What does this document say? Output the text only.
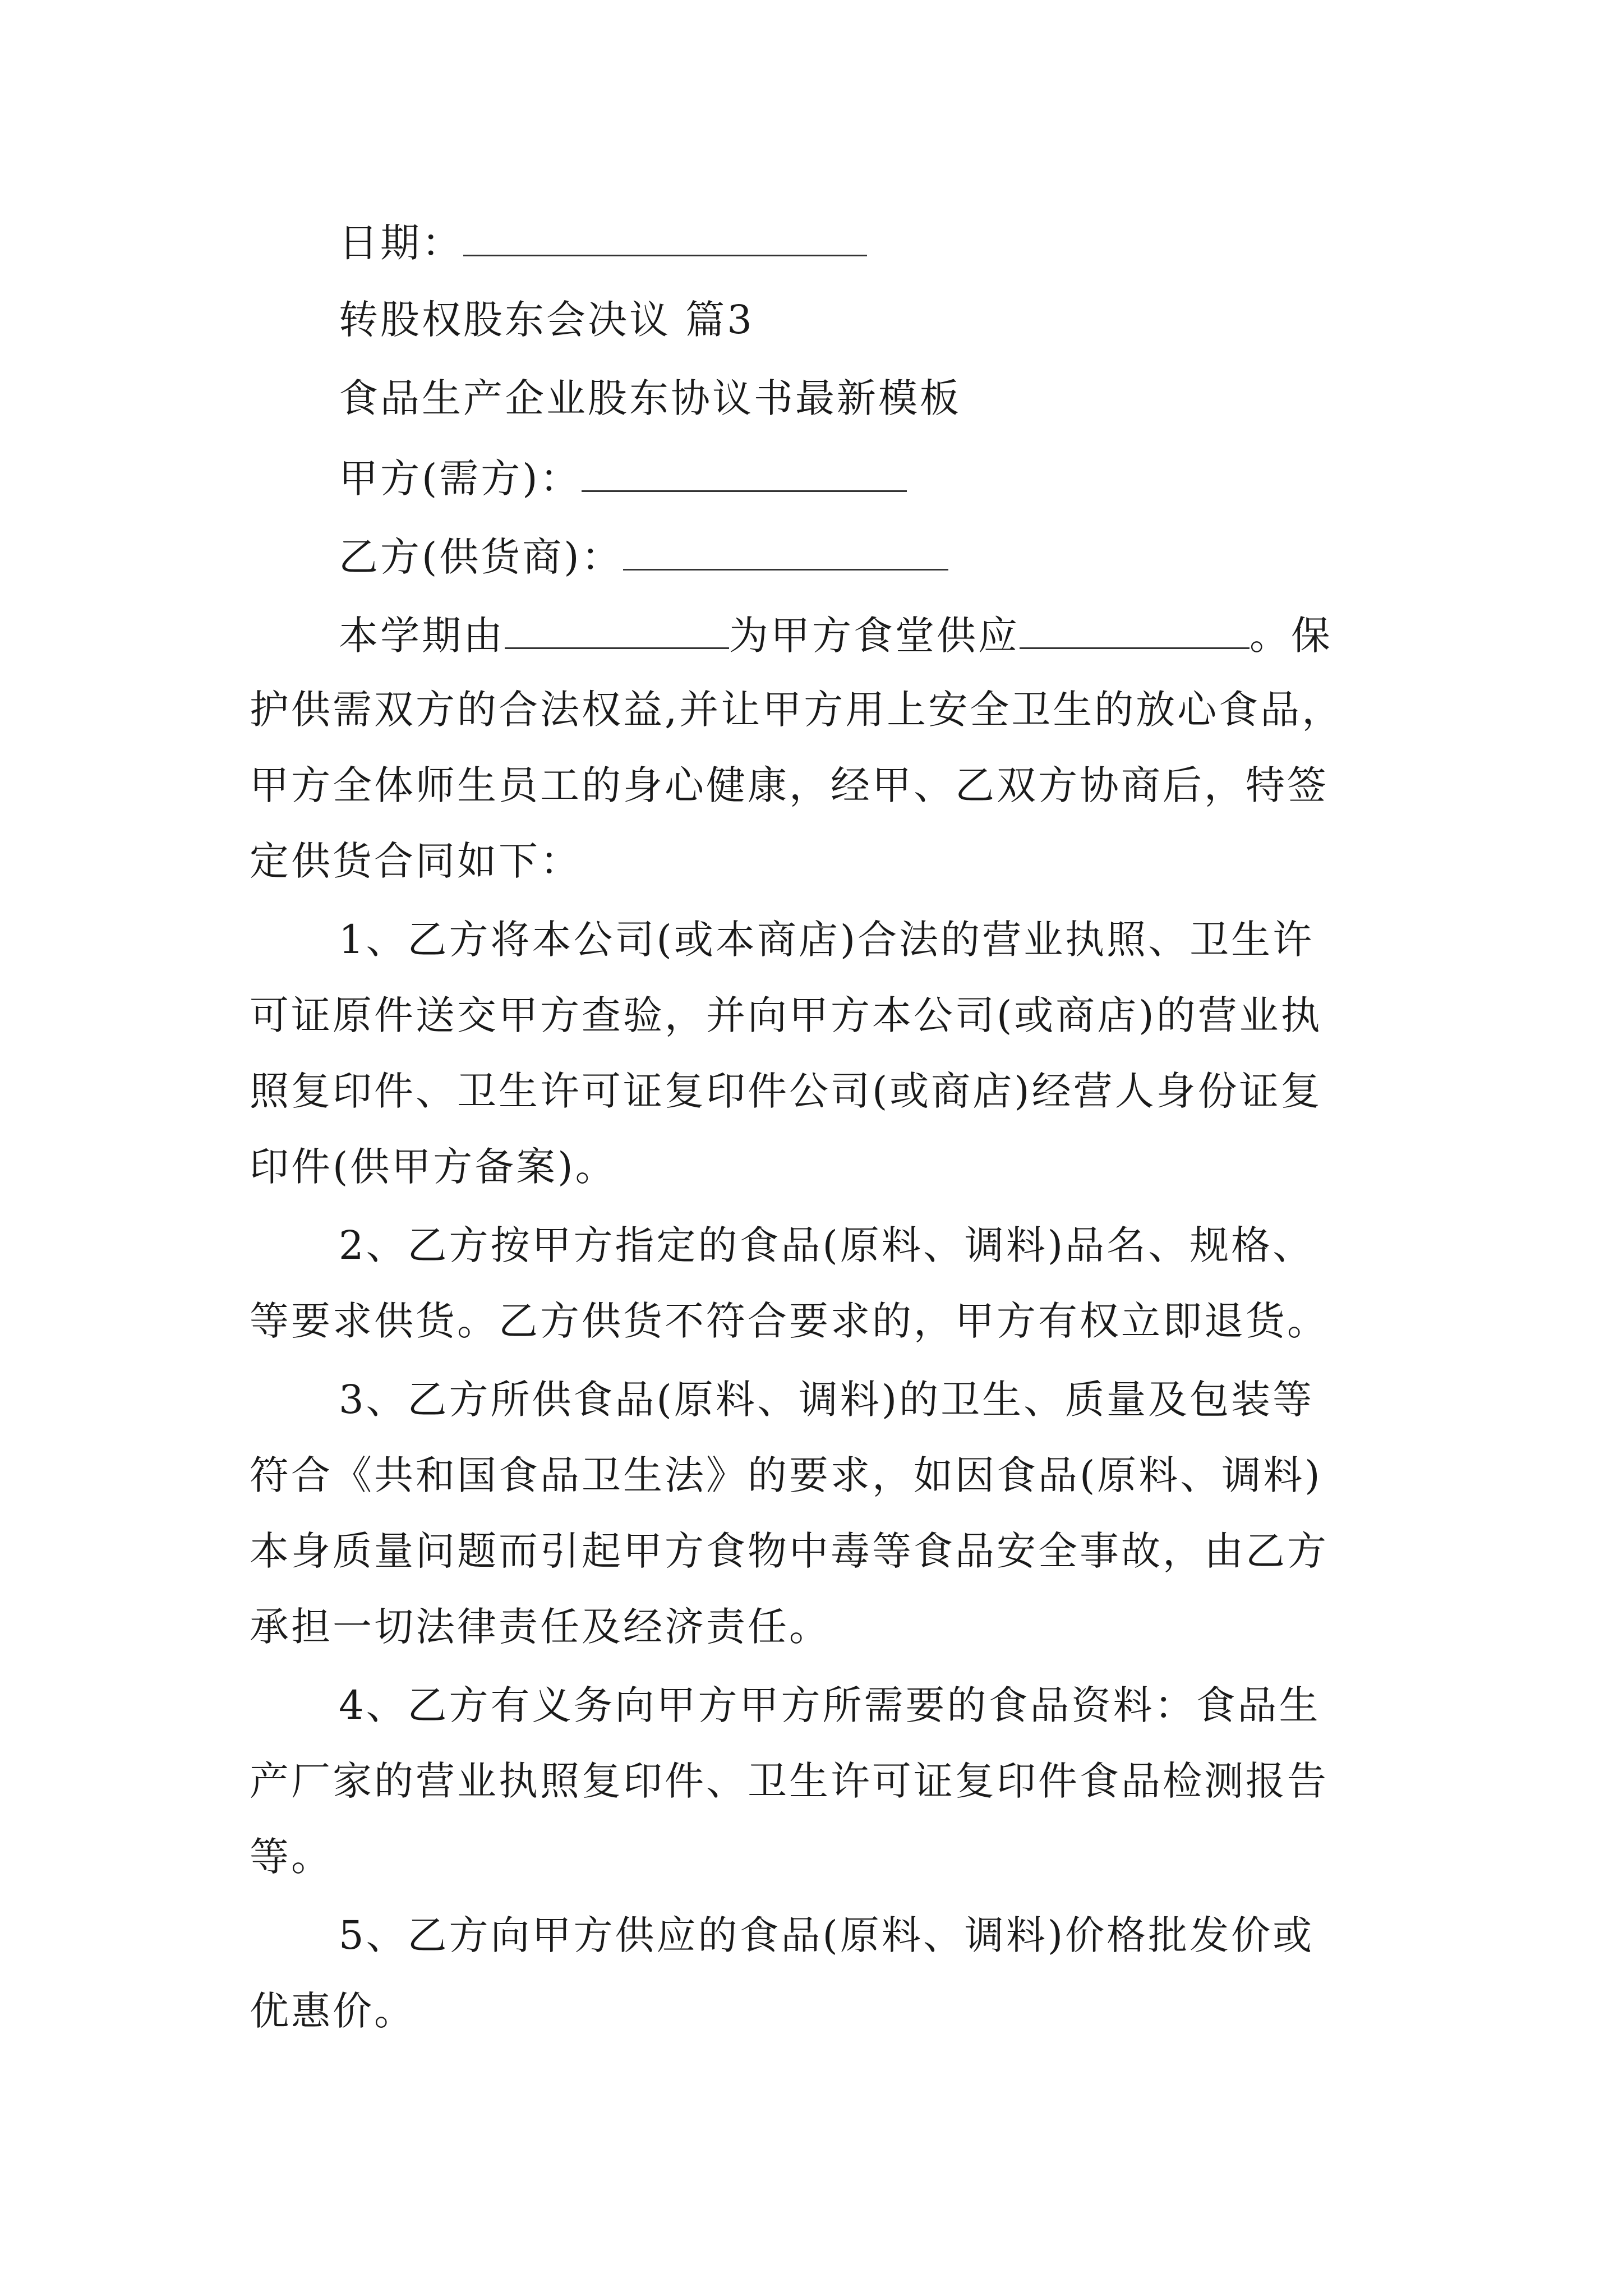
日期：
转股权股东会决议 篇3
食品生产企业股东协议书最新模板
甲方(需方)：
乙方(供货商)：
本学期由	为甲方食堂供应	。保
护供需双方的合法权益,并让甲方用上安全卫生的放心食品，
甲方全体师生员工的身心健康，经甲、乙双方协商后，特签
定供货合同如下：
1、乙方将本公司(或本商店)合法的营业执照、卫生许
可证原件送交甲方查验，并向甲方本公司(或商店)的营业执
照复印件、卫生许可证复印件公司(或商店)经营人身份证复
印件(供甲方备案)。
2、乙方按甲方指定的食品(原料、调料)品名、规格、
等要求供货。乙方供货不符合要求的，甲方有权立即退货。
3、乙方所供食品(原料、调料)的卫生、质量及包装等
符合《共和国食品卫生法》的要求，如因食品(原料、调料)
本身质量问题而引起甲方食物中毒等食品安全事故，由乙方
承担一切法律责任及经济责任。
4、乙方有义务向甲方甲方所需要的食品资料：食品生
产厂家的营业执照复印件、卫生许可证复印件食品检测报告
等。
5、乙方向甲方供应的食品(原料、调料)价格批发价或
优惠价。
